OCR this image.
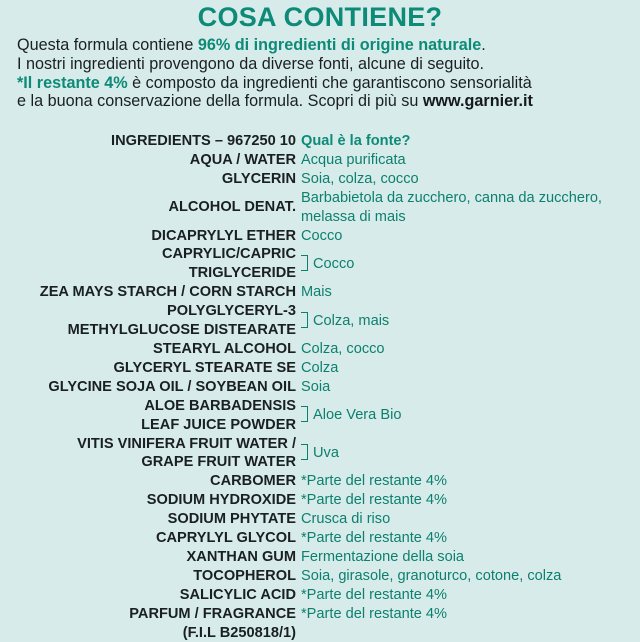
COSA CONTIENE?
Questa formula contiene 96% di ingredienti di origine naturale.
I nostri ingredienti provengono da diverse fonti, alcune di seguito.
*Il restante 4% è composto da ingredienti che garantiscono sensorialità
e la buona conservazione della formula. Scopri di più su www.garnier.it
INGREDIENTS – 967250 10 Qual è la fonte?
AQUA / WATER Acqua purificata
GLYCERIN Soia, colza, cocco
ALCOHOL DENAT.
Barbabietola da zucchero, canna da zucchero, melassa di mais
DICAPRYLYL ETHER Cocco
CAPRYLIC/CAPRIC
TRIGLYCERIDE
Cocco
ZEA MAYS STARCH / CORN STARCH Mais
POLYGLYCERYL-3
METHYLGLUCOSE DISTEARATE
Colza, mais
STEARYL ALCOHOL Colza, cocco
GLYCERYL STEARATE SE Colza
GLYCINE SOJA OIL / SOYBEAN OIL Soia
ALOE BARBADENSIS
LEAF JUICE POWDER
Aloe Vera Bio
VITIS VINIFERA FRUIT WATER /
GRAPE FRUIT WATER
Uva
CARBOMER *Parte del restante 4%
SODIUM HYDROXIDE *Parte del restante 4%
SODIUM PHYTATE Crusca di riso
CAPRYLYL GLYCOL *Parte del restante 4%
XANTHAN GUM Fermentazione della soia
TOCOPHEROL Soia, girasole, granoturco, cotone, colza
SALICYLIC ACID *Parte del restante 4%
PARFUM / FRAGRANCE *Parte del restante 4%
(F.I.L B250818/1)
